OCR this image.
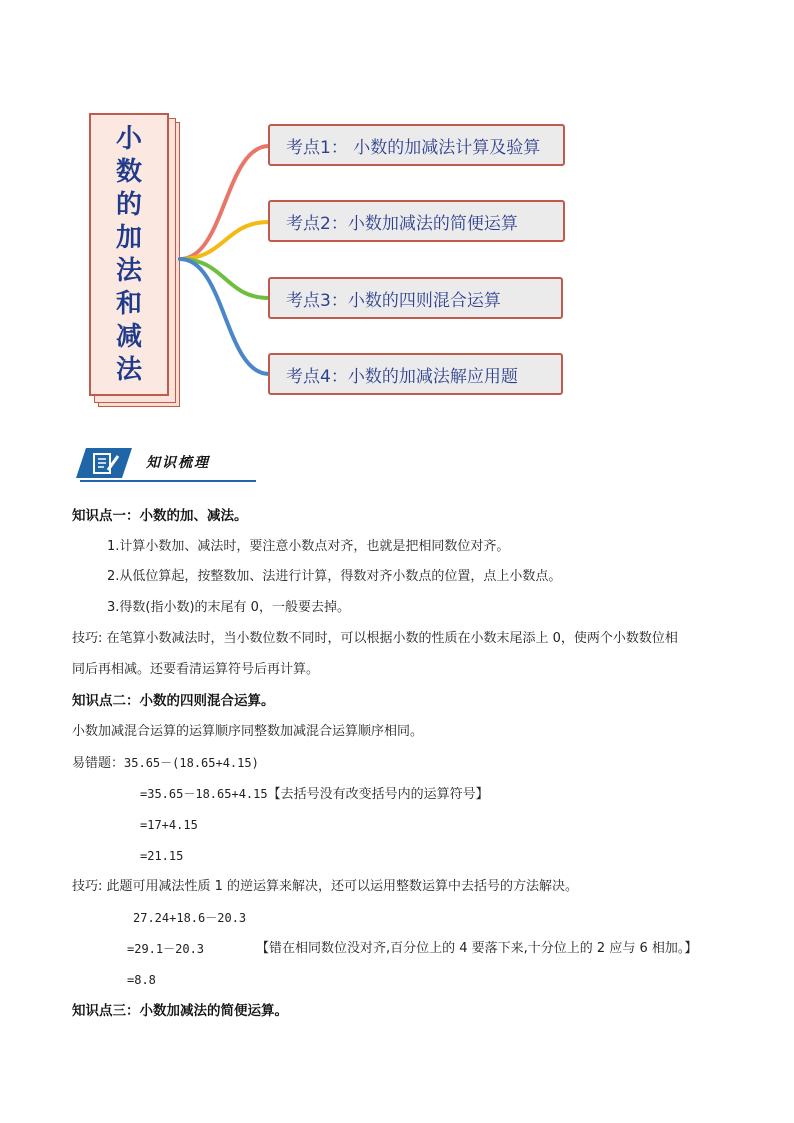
小
数
的
加
法
和
减
法
考点1： 小数的加减法计算及验算
考点2：小数加减法的简便运算
考点3：小数的四则混合运算
考点4：小数的加减法解应用题
知识梳理
知识点一：小数的加、减法。
1.计算小数加、减法时，要注意小数点对齐，也就是把相同数位对齐。
2.从低位算起，按整数加、法进行计算，得数对齐小数点的位置，点上小数点。
3.得数(指小数)的末尾有 0，一般要去掉。
技巧: 在笔算小数减法时，当小数位数不同时，可以根据小数的性质在小数末尾添上 0，使两个小数数位相
同后再相减。还要看清运算符号后再计算。
知识点二：小数的四则混合运算。
小数加减混合运算的运算顺序同整数加减混合运算顺序相同。
易错题：35.65－(18.65+4.15)
=35.65－18.65+4.15【去括号没有改变括号内的运算符号】
=17+4.15
=21.15
技巧: 此题可用减法性质 1 的逆运算来解决，还可以运用整数运算中去括号的方法解决。
27.24+18.6－20.3
=29.1－20.3	【错在相同数位没对齐,百分位上的 4 要落下来,十分位上的 2 应与 6 相加。】
=8.8
知识点三：小数加减法的简便运算。
